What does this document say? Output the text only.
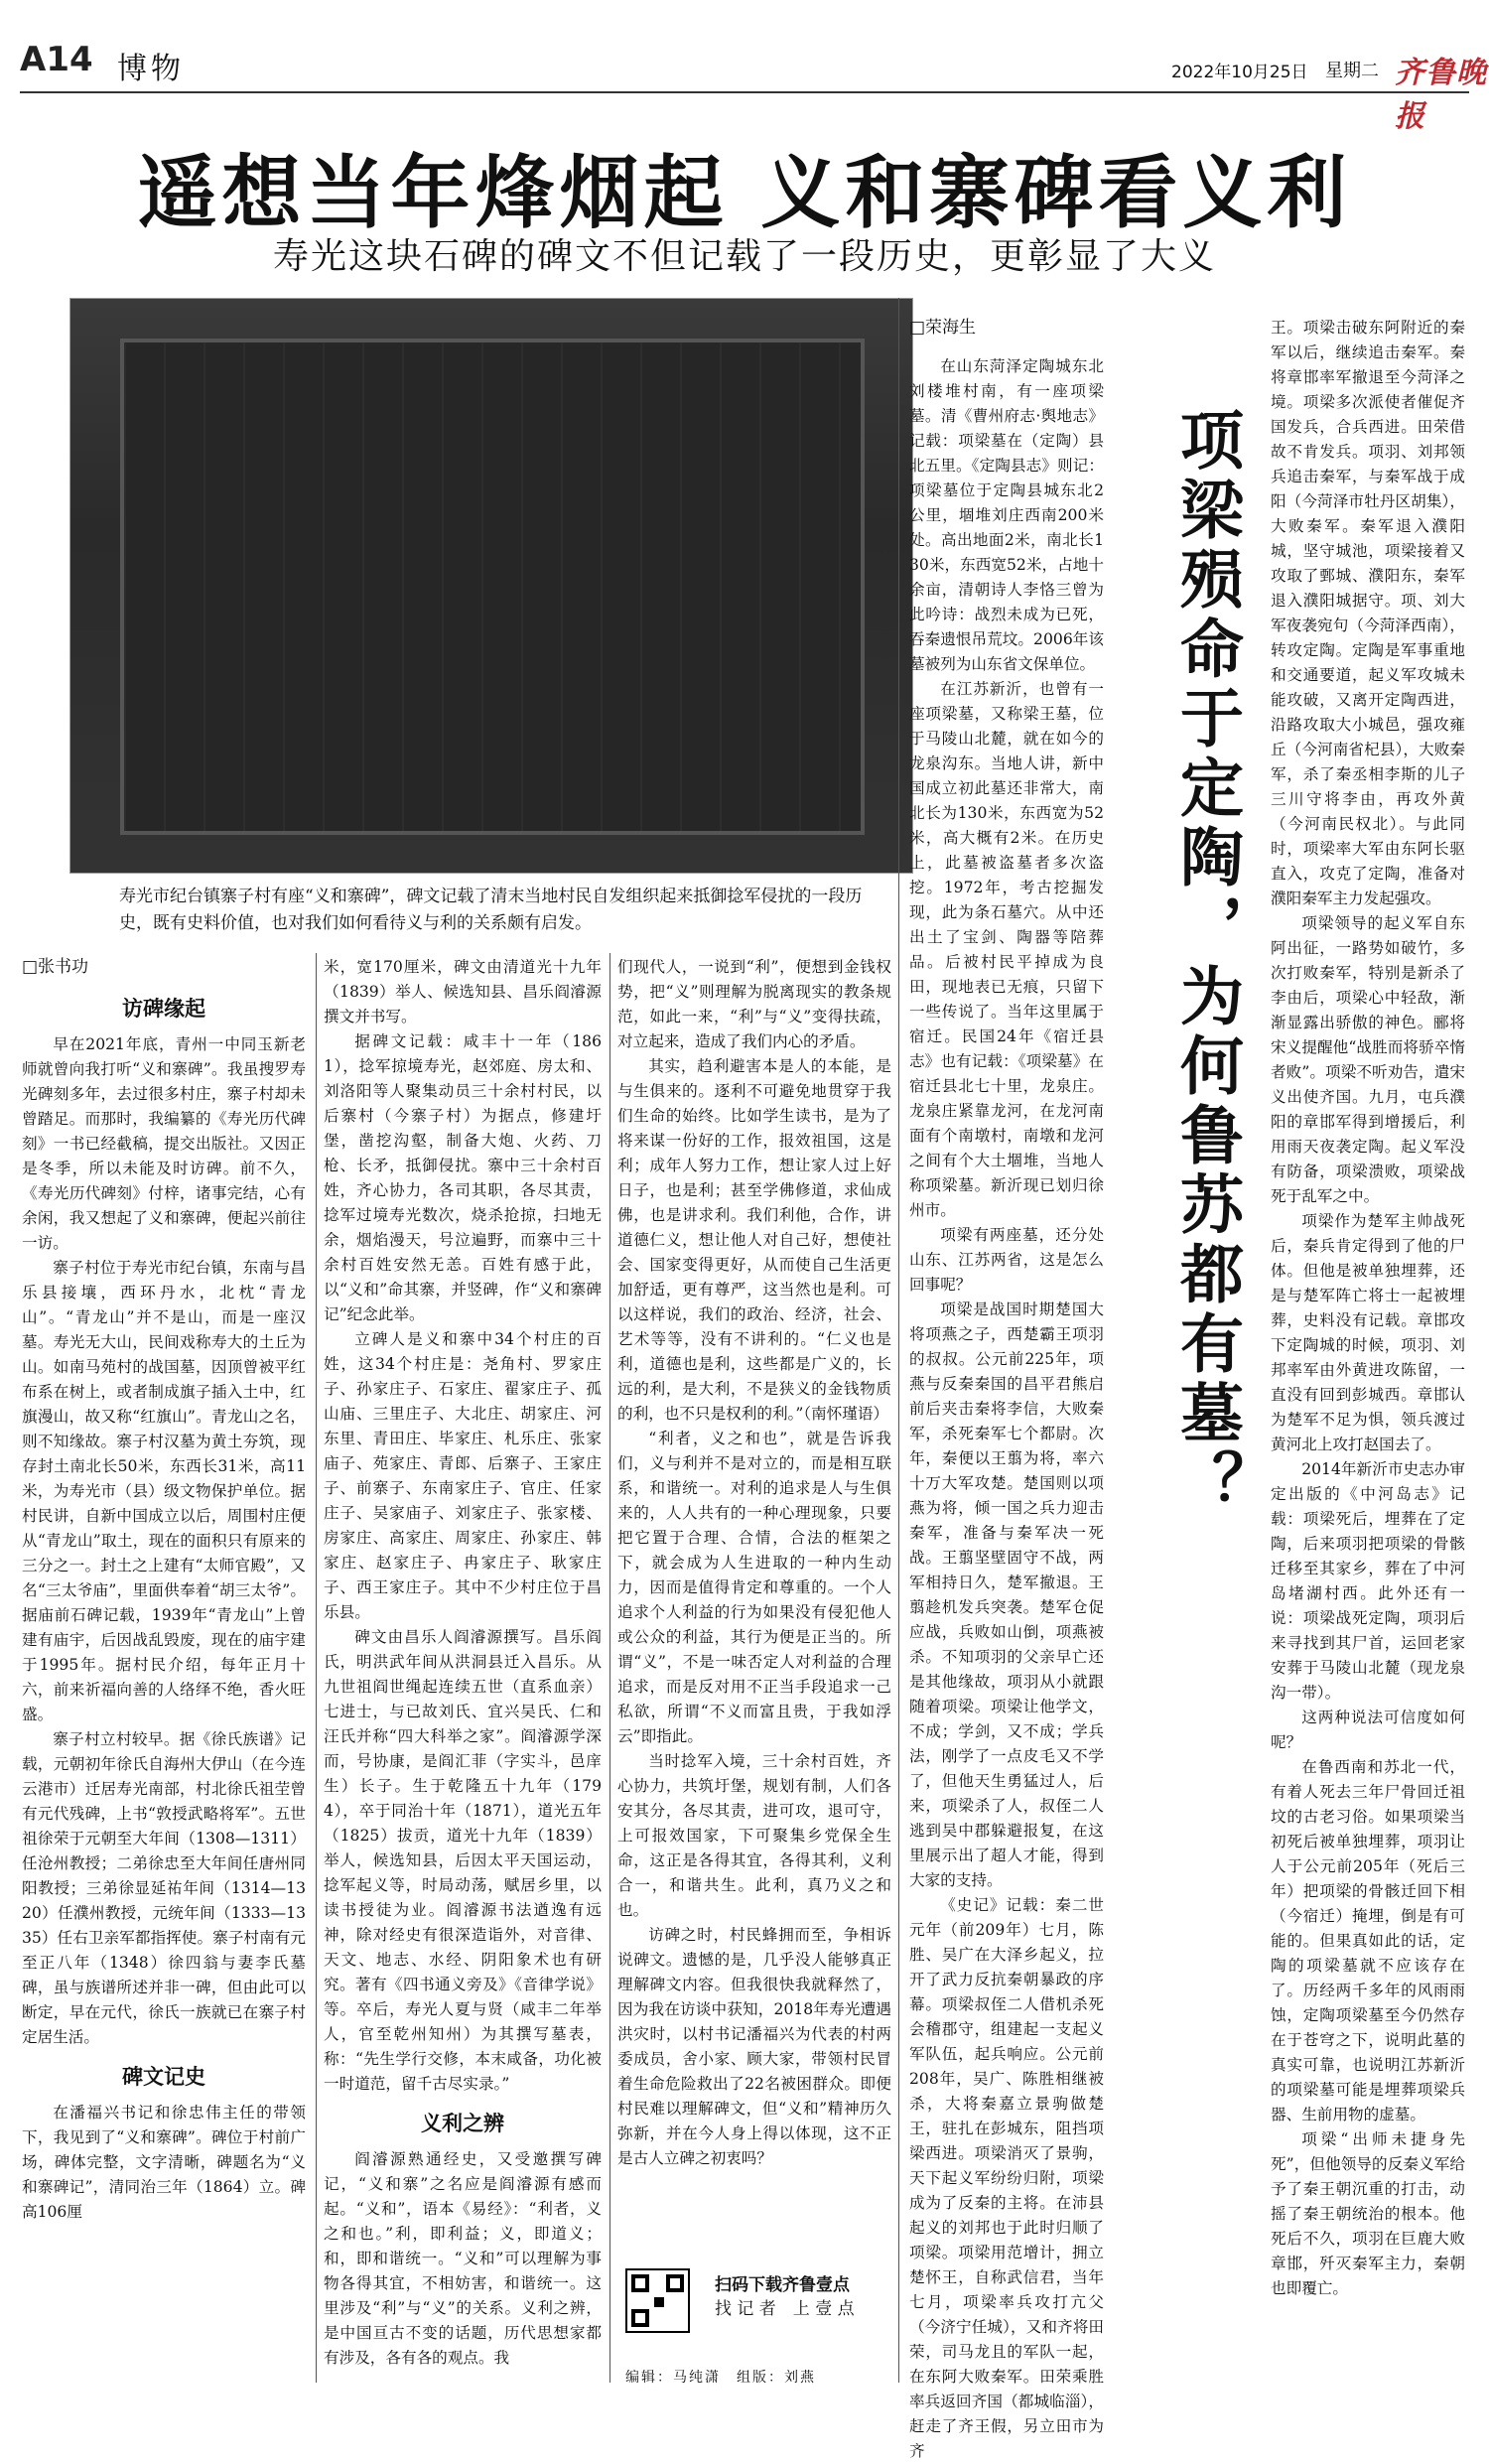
A14 博物	2022年10月25日 星期二 齐鲁晚报
遥想当年烽烟起 义和寨碑看义利
寿光这块石碑的碑文不但记载了一段历史，更彰显了大义
寿光市纪台镇寨子村有座“义和寨碑”，碑文记载了清末当地村民自发组织起来抵御捻军侵扰的一段历史，既有史料价值，也对我们如何看待义与利的关系颇有启发。
□张书功
访碑缘起

早在2021年底，青州一中同玉新老师就曾向我打听“义和寨碑”。我虽搜罗寿光碑刻多年，去过很多村庄，寨子村却未曾踏足。而那时，我编纂的《寿光历代碑刻》一书已经截稿，提交出版社。又因正是冬季，所以未能及时访碑。前不久，《寿光历代碑刻》付梓，诸事完结，心有余闲，我又想起了义和寨碑，便起兴前往一访。

寨子村位于寿光市纪台镇，东南与昌乐县接壤，西环丹水，北枕“青龙山”。“青龙山”并不是山，而是一座汉墓。寿光无大山，民间戏称寿大的土丘为山。如南马苑村的战国墓，因顶曾被平红布系在树上，或者制成旗子插入土中，红旗漫山，故又称“红旗山”。青龙山之名，则不知缘故。寨子村汉墓为黄土夯筑，现存封土南北长50米，东西长31米，高11米，为寿光市（县）级文物保护单位。据村民讲，自新中国成立以后，周围村庄便从“青龙山”取土，现在的面积只有原来的三分之一。封土之上建有“太师官殿”，又名“三太爷庙”，里面供奉着“胡三太爷”。据庙前石碑记载，1939年“青龙山”上曾建有庙宇，后因战乱毁废，现在的庙宇建于1995年。据村民介绍，每年正月十六，前来祈福向善的人络绎不绝，香火旺盛。

寨子村立村较早。据《徐氏族谱》记载，元朝初年徐氏自海州大伊山（在今连云港市）迁居寿光南部，村北徐氏祖茔曾有元代残碑，上书“敦授武略将军”。五世祖徐荣于元朝至大年间（1308—1311）任沧州教授；二弟徐忠至大年间任唐州同阳教授；三弟徐显延祐年间（1314—1320）任濮州教授，元统年间（1333—1335）任右卫亲军都指挥使。寨子村南有元至正八年（1348）徐四翁与妻李氏墓碑，虽与族谱所述并非一碑，但由此可以断定，早在元代，徐氏一族就已在寨子村定居生活。

碑文记史

在潘福兴书记和徐忠伟主任的带领下，我见到了“义和寨碑”。碑位于村前广场，碑体完整，文字清晰，碑题名为“义和寨碑记”，清同治三年（1864）立。碑高106厘

米，宽170厘米，碑文由清道光十九年（1839）举人、候选知县、昌乐阎濬源撰文并书写。

据碑文记载：咸丰十一年（1861），捻军掠境寿光，赵郊庭、房太和、刘洛阳等人聚集动员三十余村村民，以后寨村（今寨子村）为据点，修建圩堡，凿挖沟壑，制备大炮、火药、刀枪、长矛，抵御侵扰。寨中三十余村百姓，齐心协力，各司其职，各尽其责，捻军过境寿光数次，烧杀抢掠，扫地无余，烟焰漫天，号泣遍野，而寨中三十余村百姓安然无恙。百姓有感于此，以“义和”命其寨，并竖碑，作“义和寨碑记”纪念此举。

立碑人是义和寨中34个村庄的百姓，这34个村庄是：尧角村、罗家庄子、孙家庄子、石家庄、翟家庄子、孤山庙、三里庄子、大北庄、胡家庄、河东里、青田庄、毕家庄、札乐庄、张家庙子、苑家庄、青郎、后寨子、王家庄子、前寨子、东南家庄子、官庄、任家庄子、吴家庙子、刘家庄子、张家楼、房家庄、高家庄、周家庄、孙家庄、韩家庄、赵家庄子、冉家庄子、耿家庄子、西王家庄子。其中不少村庄位于昌乐县。

碑文由昌乐人阎濬源撰写。昌乐阎氏，明洪武年间从洪洞县迁入昌乐。从九世祖阎世绳起连续五世（直系血亲）七进士，与已故刘氏、宜兴吴氏、仁和汪氏并称“四大科举之家”。阎濬源学深而，号协康，是阎汇菲（字实斗，邑庠生）长子。生于乾隆五十九年（1794），卒于同治十年（1871），道光五年（1825）拔贡，道光十九年（1839）举人，候选知县，后因太平天国运动，捻军起义等，时局动荡，赋居乡里，以读书授徒为业。阎濬源书法遒逸有远神，除对经史有很深造诣外，对音律、天文、地志、水经、阴阳象术也有研究。著有《四书通义旁及》《音律学说》等。卒后，寿光人夏与贤（咸丰二年举人，官至乾州知州）为其撰写墓表，称：“先生学行交修，本末咸备，功化被一时道范，留千古尽实录。”

义利之辨

阎濬源熟通经史，又受邀撰写碑记，“义和寨”之名应是阎濬源有感而起。“义和”，语本《易经》：“利者，义之和也。”利，即利益；义，即道义；和，即和谐统一。“义和”可以理解为事物各得其宜，不相妨害，和谐统一。这里涉及“利”与“义”的关系。义利之辨，是中国亘古不变的话题，历代思想家都有涉及，各有各的观点。我

们现代人，一说到“利”，便想到金钱权势，把“义”则理解为脱离现实的教条规范，如此一来，“利”与“义”变得扶疏，对立起来，造成了我们内心的矛盾。

其实，趋利避害本是人的本能，是与生俱来的。逐利不可避免地贯穿于我们生命的始终。比如学生读书，是为了将来谋一份好的工作，报效祖国，这是利；成年人努力工作，想让家人过上好日子，也是利；甚至学佛修道，求仙成佛，也是讲求利。我们利他，合作，讲道德仁义，想让他人对自己好，想使社会、国家变得更好，从而使自己生活更加舒适，更有尊严，这当然也是利。可以这样说，我们的政治、经济，社会、艺术等等，没有不讲利的。“仁义也是利，道德也是利，这些都是广义的，长远的利，是大利，不是狭义的金钱物质的利，也不只是权利的利。”（南怀瑾语）

“利者，义之和也”，就是告诉我们，义与利并不是对立的，而是相互联系，和谐统一。对利的追求是人与生俱来的，人人共有的一种心理现象，只要把它置于合理、合情，合法的框架之下，就会成为人生进取的一种内生动力，因而是值得肯定和尊重的。一个人追求个人利益的行为如果没有侵犯他人或公众的利益，其行为便是正当的。所谓“义”，不是一味否定人对利益的合理追求，而是反对用不正当手段追求一己私欲，所谓“不义而富且贵，于我如浮云”即指此。

当时捻军入境，三十余村百姓，齐心协力，共筑圩堡，规划有制，人们各安其分，各尽其责，进可攻，退可守，上可报效国家，下可聚集乡党保全生命，这正是各得其宜，各得其利，义利合一，和谐共生。此利，真乃义之和也。

访碑之时，村民蜂拥而至，争相诉说碑文。遗憾的是，几乎没人能够真正理解碑文内容。但我很快我就释然了，因为我在访谈中获知，2018年寿光遭遇洪灾时，以村书记潘福兴为代表的村两委成员，舍小家、顾大家，带领村民冒着生命危险救出了22名被困群众。即便村民难以理解碑文，但“义和”精神历久弥新，并在今人身上得以体现，这不正是古人立碑之初衷吗？

扫码下载齐鲁壹点
找 记 者　上 壹 点
编辑：马纯潇　组版：刘燕
□荣海生

在山东菏泽定陶城东北刘楼堆村南，有一座项梁墓。清《曹州府志·舆地志》记载：项梁墓在（定陶）县北五里。《定陶县志》则记：项梁墓位于定陶县城东北2公里，堌堆刘庄西南200米处。高出地面2米，南北长130米，东西宽52米，占地十余亩，清朝诗人李恪三曾为此吟诗：战烈未成为已死，吞秦遗恨吊荒坟。2006年该墓被列为山东省文保单位。

在江苏新沂，也曾有一座项梁墓，又称梁王墓，位于马陵山北麓，就在如今的龙泉沟东。当地人讲，新中国成立初此墓还非常大，南北长为130米，东西宽为52米，高大概有2米。在历史上，此墓被盗墓者多次盗挖。1972年，考古挖掘发现，此为条石墓穴。从中还出土了宝剑、陶器等陪葬品。后被村民平掉成为良田，现地表已无痕，只留下一些传说了。当年这里属于宿迁。民国24年《宿迁县志》也有记载：《项梁墓》在宿迁县北七十里，龙泉庄。龙泉庄紧靠龙河，在龙河南面有个南墩村，南墩和龙河之间有个大土堌堆，当地人称项梁墓。新沂现已划归徐州市。

项梁有两座墓，还分处山东、江苏两省，这是怎么回事呢？

项梁是战国时期楚国大将项燕之子，西楚霸王项羽的叔叔。公元前225年，项燕与反秦秦国的昌平君熊启前后夹击秦将李信，大败秦军，杀死秦军七个都尉。次年，秦便以王翦为将，率六十万大军攻楚。楚国则以项燕为将，倾一国之兵力迎击秦军，准备与秦军决一死战。王翦坚壁固守不战，两军相持日久，楚军撤退。王翦趁机发兵突袭。楚军仓促应战，兵败如山倒，项燕被杀。不知项羽的父亲早亡还是其他缘故，项羽从小就跟随着项梁。项梁让他学文，不成；学剑，又不成；学兵法，刚学了一点皮毛又不学了，但他天生勇猛过人，后来，项梁杀了人，叔侄二人逃到吴中郡躲避报复，在这里展示出了超人才能，得到大家的支持。

《史记》记载：秦二世元年（前209年）七月，陈胜、吴广在大泽乡起义，拉开了武力反抗秦朝暴政的序幕。项梁叔侄二人借机杀死会稽郡守，组建起一支起义军队伍，起兵响应。公元前208年，吴广、陈胜相继被杀，大将秦嘉立景驹做楚王，驻扎在彭城东，阻挡项梁西进。项梁消灭了景驹，天下起义军纷纷归附，项梁成为了反秦的主将。在沛县起义的刘邦也于此时归顺了项梁。项梁用范增计，拥立楚怀王，自称武信君，当年七月，项梁率兵攻打亢父（今济宁任城），又和齐将田荣，司马龙且的军队一起，在东阿大败秦军。田荣乘胜率兵返回齐国（都城临淄），赶走了齐王假，另立田市为齐

项梁殒命于定陶，为何鲁苏都有墓？

王。项梁击破东阿附近的秦军以后，继续追击秦军。秦将章邯率军撤退至今菏泽之境。项梁多次派使者催促齐国发兵，合兵西进。田荣借故不肯发兵。项羽、刘邦领兵追击秦军，与秦军战于成阳（今菏泽市牡丹区胡集），大败秦军。秦军退入濮阳城，坚守城池，项梁接着又攻取了鄄城、濮阳东，秦军退入濮阳城据守。项、刘大军夜袭宛句（今菏泽西南），转攻定陶。定陶是军事重地和交通要道，起义军攻城未能攻破，又离开定陶西进，沿路攻取大小城邑，强攻雍丘（今河南省杞县），大败秦军，杀了秦丞相李斯的儿子三川守将李由，再攻外黄（今河南民权北）。与此同时，项梁率大军由东阿长驱直入，攻克了定陶，准备对濮阳秦军主力发起强攻。

项梁领导的起义军自东阿出征，一路势如破竹，多次打败秦军，特别是新杀了李由后，项梁心中轻敌，渐渐显露出骄傲的神色。郦将宋义提醒他“战胜而将骄卒惰者败”。项梁不听劝告，遣宋义出使齐国。九月，屯兵濮阳的章邯军得到增援后，利用雨天夜袭定陶。起义军没有防备，项梁溃败，项梁战死于乱军之中。

项梁作为楚军主帅战死后，秦兵肯定得到了他的尸体。但他是被单独埋葬，还是与楚军阵亡将士一起被埋葬，史料没有记载。章邯攻下定陶城的时候，项羽、刘邦率军由外黄进攻陈留，一直没有回到彭城西。章邯认为楚军不足为惧，领兵渡过黄河北上攻打赵国去了。

2014年新沂市史志办审定出版的《中河岛志》记载：项梁死后，埋葬在了定陶，后来项羽把项梁的骨骸迁移至其家乡，葬在了中河岛堵湖村西。此外还有一说：项梁战死定陶，项羽后来寻找到其尸首，运回老家安葬于马陵山北麓（现龙泉沟一带）。

这两种说法可信度如何呢？

在鲁西南和苏北一代，有着人死去三年尸骨回迁祖坟的古老习俗。如果项梁当初死后被单独埋葬，项羽让人于公元前205年（死后三年）把项梁的骨骸迁回下相（今宿迁）掩埋，倒是有可能的。但果真如此的话，定陶的项梁墓就不应该存在了。历经两千多年的风雨雨蚀，定陶项梁墓至今仍然存在于苍穹之下，说明此墓的真实可靠，也说明江苏新沂的项梁墓可能是埋葬项梁兵器、生前用物的虚墓。

项梁“出师未捷身先死”，但他领导的反秦义军给予了秦王朝沉重的打击，动摇了秦王朝统治的根本。他死后不久，项羽在巨鹿大败章邯，歼灭秦军主力，秦朝也即覆亡。
